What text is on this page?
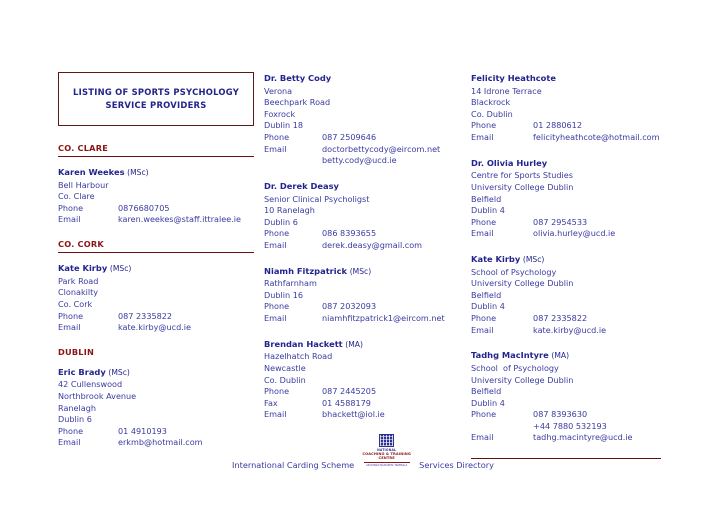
LISTING OF SPORTS PSYCHOLOGY
SERVICE PROVIDERS
CO. CLARE
Karen Weekes (MSc)
Bell Harbour
Co. Clare
Phone	0876680705
Email	karen.weekes@staff.ittralee.ie
CO. CORK
Kate Kirby (MSc)
Park Road
Clonakilty
Co. Cork
Phone	087 2335822
Email	kate.kirby@ucd.ie
DUBLIN
Eric Brady (MSc)
42 Cullenswood
Northbrook Avenue
Ranelagh
Dublin 6
Phone	01 4910193
Email	erkmb@hotmail.com
Dr. Betty Cody
Verona
Beechpark Road
Foxrock
Dublin 18
Phone	087 2509646
Email	doctorbettycody@eircom.net
betty.cody@ucd.ie
Dr. Derek Deasy
Senior Clinical Psycholigst
10 Ranelagh
Dublin 6
Phone	086 8393655
Email	derek.deasy@gmail.com
Niamh Fitzpatrick (MSc)
Rathfarnham
Dublin 16
Phone	087 2032093
Email	niamhfitzpatrick1@eircom.net
Brendan Hackett (MA)
Hazelhatch Road
Newcastle
Co. Dublin
Phone	087 2445205
Fax	01 4588179
Email	bhackett@iol.ie
Felicity Heathcote
14 Idrone Terrace
Blackrock
Co. Dublin
Phone	01 2880612
Email	felicityheathcote@hotmail.com
Dr. Olivia Hurley
Centre for Sports Studies
University College Dublin
Belfield
Dublin 4
Phone	087 2954533
Email	olivia.hurley@ucd.ie
Kate Kirby (MSc)
School of Psychology
University College Dublin
Belfield
Dublin 4
Phone	087 2335822
Email	kate.kirby@ucd.ie
Tadhg MacIntyre (MA)
School  of Psychology
University College Dublin
Belfield
Dublin 4
Phone	087 8393630
+44 7880 532193
Email	tadhg.macintyre@ucd.ie
International Carding Scheme
NATIONAL
COACHING & TRAINING
CENTRE
AN tIONAD NÁISIÚNTA TRAENÁLA	Services Directory
